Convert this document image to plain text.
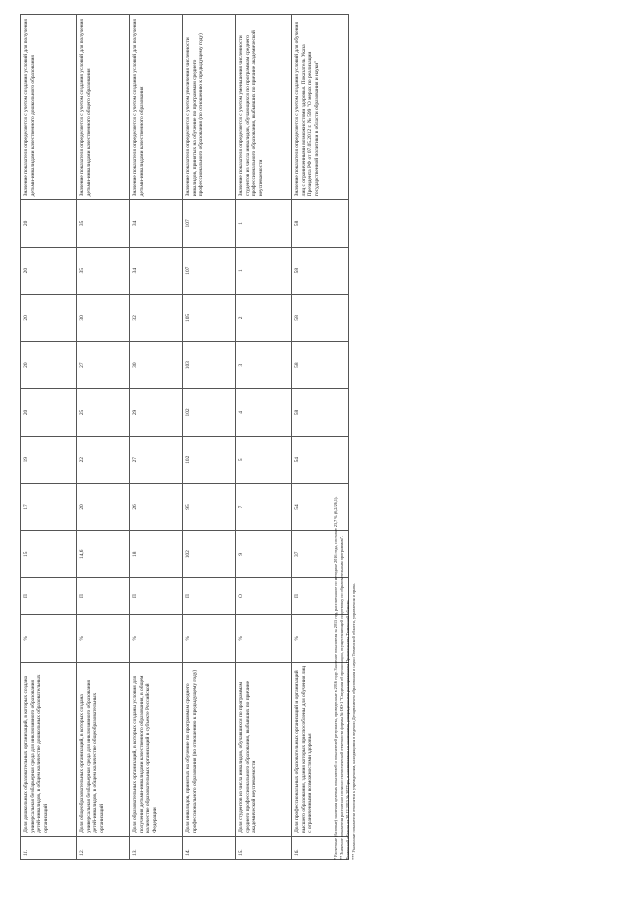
11.	Доля дошкольных образовательных организаций, в которых создана универсальная безбарьерная среда для инклюзивного образования детей-инвалидов, в общем количестве дошкольных образовательных организаций	%	П	15	17	19	20	20	20	20	20	Значение показателя определяется с учетом создания условий для получения детьми-инвалидами качественного дошкольного образования
12.	Доля общеобразовательных организаций, в которых создана универсальная безбарьерная среда для инклюзивного образования детей-инвалидов, в общем количестве общеобразовательных организаций	%	П	14,6	20	22	25	27	30	35	35	Значение показателя определяется с учетом создания условий для получения детьми-инвалидами качественного общего образования
13.	Доля образовательных организаций, в которых созданы условия для получения детьми-инвалидами качественного образования, в общем количестве образовательных организаций в субъекте Российской Федерации	%	П	18	26	27	29	30	32	34	34	Значение показателя определяется с учетом создания условий для получения детьми-инвалидами качественного образования
14.	Доля инвалидов, принятых на обучение по программам среднего профессионального образования (по отношению к предыдущему году)	%	П	102	95	102	102	103	105	107	107	Значение показателя определяется с учетом увеличения численности инвалидов, принятых на обучение по программам среднего профессионального образования (по отношению к предыдущему году)
15.	Доля студентов из числа инвалидов, обучавшихся по программам среднего профессионального образования, выбывших по причине академической неуспеваемости	%	О	9	7	5	4	3	2	1	1	Значение показателя определяется с учетом уменьшения численности студентов из числа инвалидов, обучающихся по программам среднего профессионального образования, выбывших по причине академической неуспеваемости
16.	Доля профессиональных образовательных организаций и организаций высшего образования, здания которых приспособлены для обучения лиц с ограниченными возможностями здоровья	%	П	37	54	54	58	58	58	58	58	Значение показателя определяется с учетом создания условий для обучения лиц с ограниченными возможностями здоровья. Показатель Указа Президента РФ от 07.05.2012 г. № 599 "О мерах по реализации государственной политики в области образования и науки"
* Расчетные (базовые) значения целевых показателей и показателей результата, приведенные в 2016 году. Значение показателя за 2015 год, рассчитанное по методике 2016 года, составит 23,7 % (6,2/26,1). ** Значение показателя рассчитано согласно статистической отчетности формы № ОО-1 "Сведения об организации, осуществляющей подготовку по образовательным программам". Тюменской области от 30.12.2015 № 3027-рп, в соответствии со значениями, утвержденными распоряжением Правительства Тюменской области. *** Указанные показатели относятся к учреждениям, находящимся в ведении Департамента образования и науки Тюменской области, управления и права.
